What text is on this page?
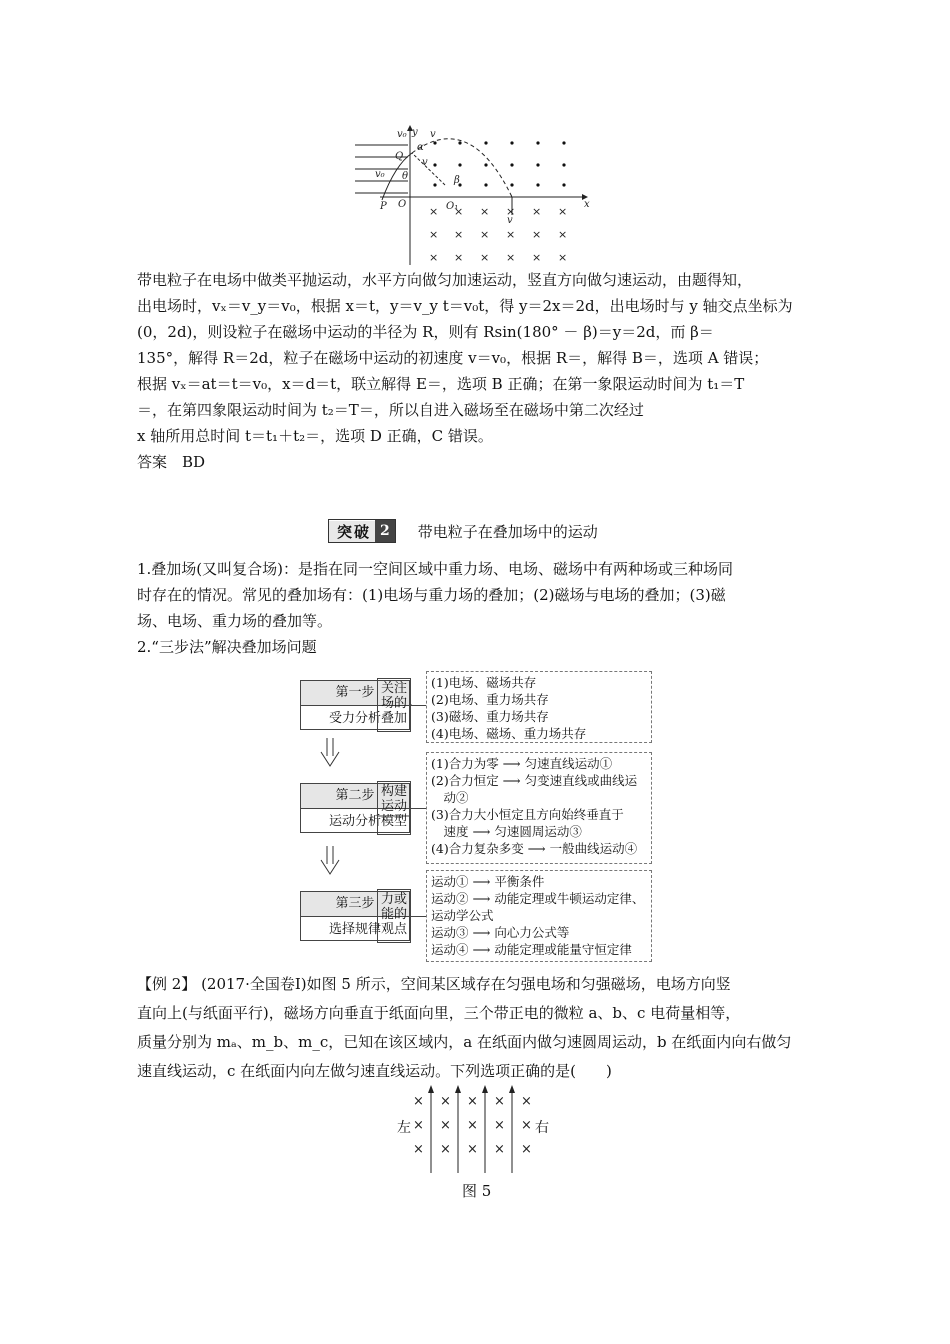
× × × × × ×
× × × × × ×
× × × × × ×
v₀ y v
α
Q
v
θ
v₀
P O
β
O₁	x
v
带电粒子在电场中做类平抛运动，水平方向做匀加速运动，竖直方向做匀速运动，由题得知，
出电场时，vₓ＝v_y＝v₀，根据 x＝t，y＝v_y t＝v₀t，得 y＝2x＝2d，出电场时与 y 轴交点坐标为
(0，2d)，则设粒子在磁场中运动的半径为 R，则有 Rsin(180° － β)＝y＝2d，而 β＝
135°，解得 R＝2d，粒子在磁场中运动的初速度 v＝v₀，根据 R＝，解得 B＝，选项 A 错误；
根据 vₓ＝at＝t＝v₀，x＝d＝t，联立解得 E＝，选项 B 正确；在第一象限运动时间为 t₁＝T
＝，在第四象限运动时间为 t₂＝T＝，所以自进入磁场至在磁场中第二次经过
x 轴所用总时间 t＝t₁＋t₂＝，选项 D 正确，C 错误。
答案　BD
突破 2	带电粒子在叠加场中的运动
1.叠加场(又叫复合场)：是指在同一空间区域中重力场、电场、磁场中有两种场或三种场同
时存在的情况。常见的叠加场有：(1)电场与重力场的叠加；(2)磁场与电场的叠加；(3)磁
场、电场、重力场的叠加等。
2.“三步法”解决叠加场问题
第一步
受力分析
关注
场的
叠加
(1)电场、磁场共存
(2)电场、重力场共存
(3)磁场、重力场共存
(4)电场、磁场、重力场共存
第二步
运动分析
构建
运动
模型
(1)合力为零 ⟶ 匀速直线运动①
(2)合力恒定 ⟶ 匀变速直线或曲线运
　动②
(3)合力大小恒定且方向始终垂直于
　速度 ⟶ 匀速圆周运动③
(4)合力复杂多变 ⟶ 一般曲线运动④
第三步
选择规律
力或
能的
观点
运动① ⟶ 平衡条件
运动② ⟶ 动能定理或牛顿运动定律、
运动学公式
运动③ ⟶ 向心力公式等
运动④ ⟶ 动能定理或能量守恒定律
【例 2】 (2017·全国卷Ⅰ)如图 5 所示，空间某区域存在匀强电场和匀强磁场，电场方向竖
直向上(与纸面平行)，磁场方向垂直于纸面向里，三个带正电的微粒 a、b、c 电荷量相等，
质量分别为 mₐ、m_b、m_c，已知在该区域内，a 在纸面内做匀速圆周运动，b 在纸面内向右做匀
速直线运动，c 在纸面内向左做匀速直线运动。下列选项正确的是(　　)
× × × × ×
× × × × ×
× × × × ×
左	右
图 5
